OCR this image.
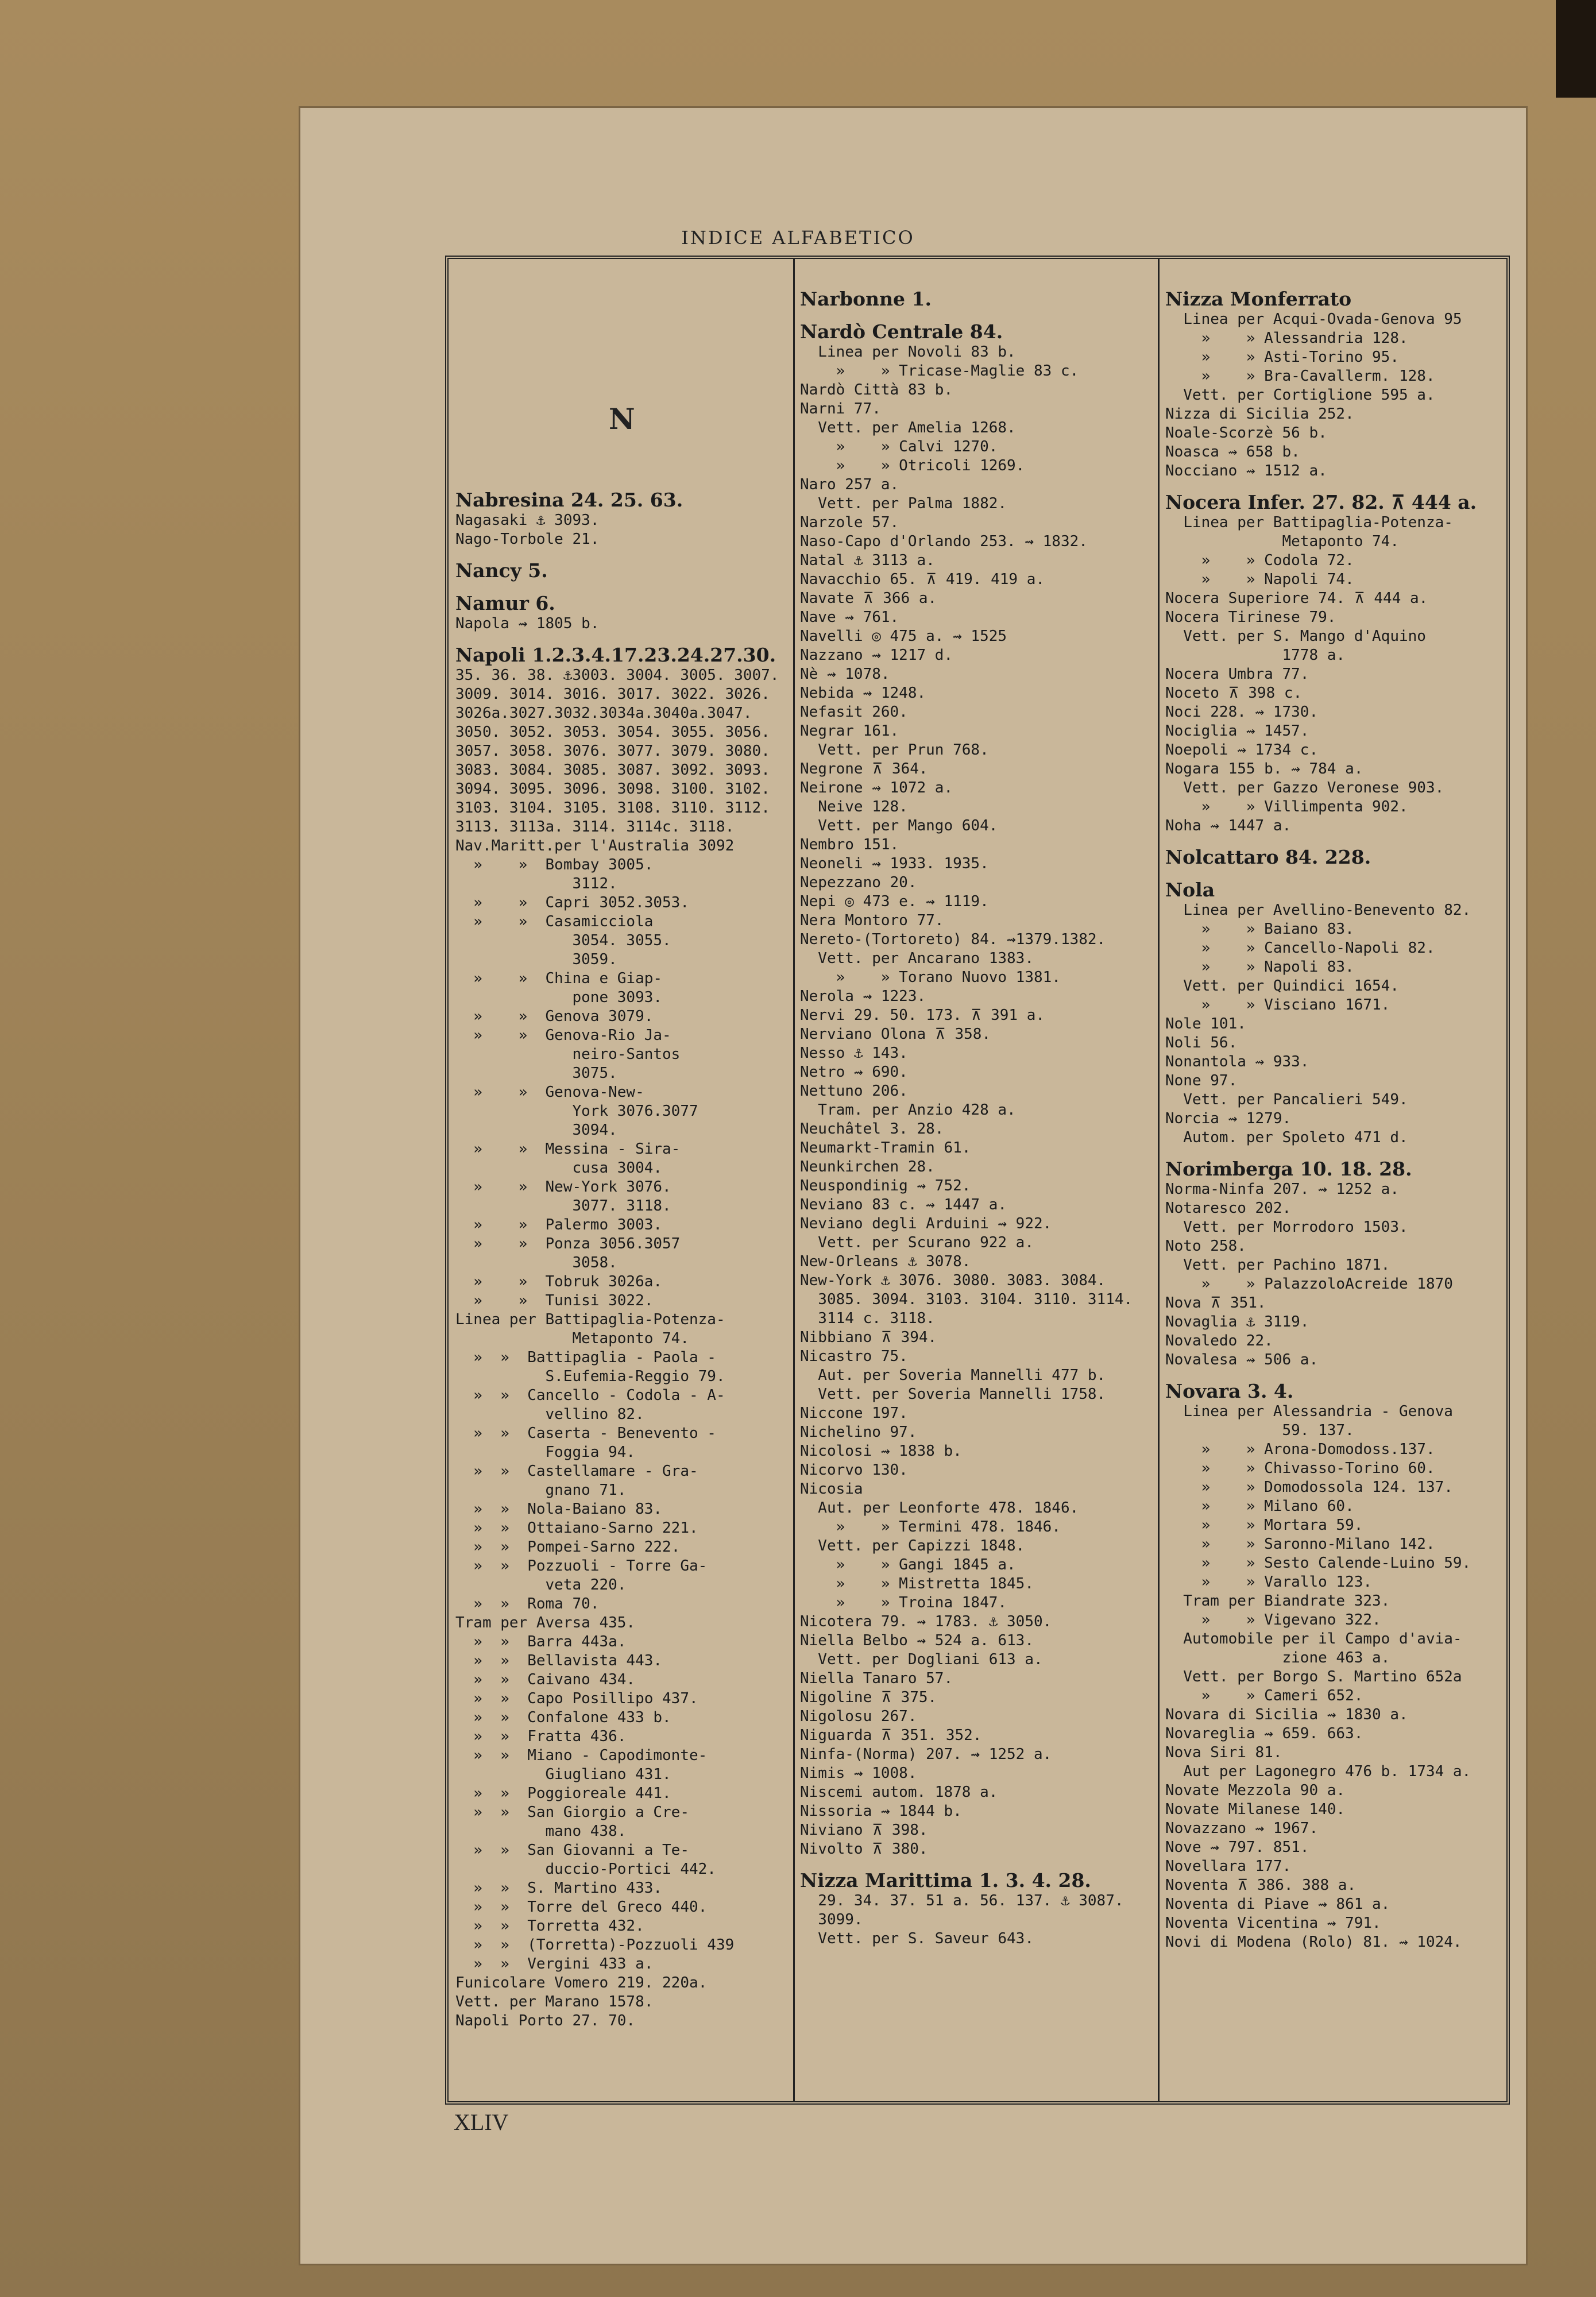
INDICE ALFABETICO
Nabresina 24. 25. 63.
Nagasaki ⚓ 3093.
Nago-Torbole 21.
Nancy 5.
Namur 6.
Napola ⇝ 1805 b.
Napoli 1.2.3.4.17.23.24.27.30.
35. 36. 38. ⚓3003. 3004. 3005. 3007.
3009. 3014. 3016. 3017. 3022. 3026.
3026a.3027.3032.3034a.3040a.3047.
3050. 3052. 3053. 3054. 3055. 3056.
3057. 3058. 3076. 3077. 3079. 3080.
3083. 3084. 3085. 3087. 3092. 3093.
3094. 3095. 3096. 3098. 3100. 3102.
3103. 3104. 3105. 3108. 3110. 3112.
3113. 3113a. 3114. 3114c. 3118.
Nav.Maritt.per l'Australia 3092
»    »  Bombay 3005.
3112.
»    »  Capri 3052.3053.
»    »  Casamicciola
3054. 3055.
3059.
»    »  China e Giap-
pone 3093.
»    »  Genova 3079.
»    »  Genova-Rio Ja-
neiro-Santos
3075.
»    »  Genova-New-
York 3076.3077
3094.
»    »  Messina - Sira-
cusa 3004.
»    »  New-York 3076.
3077. 3118.
»    »  Palermo 3003.
»    »  Ponza 3056.3057
3058.
»    »  Tobruk 3026a.
»    »  Tunisi 3022.
Linea per Battipaglia-Potenza-
Metaponto 74.
»  »  Battipaglia - Paola -
S.Eufemia-Reggio 79.
»  »  Cancello - Codola - A-
vellino 82.
»  »  Caserta - Benevento -
Foggia 94.
»  »  Castellamare - Gra-
gnano 71.
»  »  Nola-Baiano 83.
»  »  Ottaiano-Sarno 221.
»  »  Pompei-Sarno 222.
»  »  Pozzuoli - Torre Ga-
veta 220.
»  »  Roma 70.
Tram per Aversa 435.
»  »  Barra 443a.
»  »  Bellavista 443.
»  »  Caivano 434.
»  »  Capo Posillipo 437.
»  »  Confalone 433 b.
»  »  Fratta 436.
»  »  Miano - Capodimonte-
Giugliano 431.
»  »  Poggioreale 441.
»  »  San Giorgio a Cre-
mano 438.
»  »  San Giovanni a Te-
duccio-Portici 442.
»  »  S. Martino 433.
»  »  Torre del Greco 440.
»  »  Torretta 432.
»  »  (Torretta)-Pozzuoli 439
»  »  Vergini 433 a.
Funicolare Vomero 219. 220a.
Vett. per Marano 1578.
Napoli Porto 27. 70.
Narbonne 1.
Nardò Centrale 84.
Linea per Novoli 83 b.
»    » Tricase-Maglie 83 c.
Nardò Città 83 b.
Narni 77.
Vett. per Amelia 1268.
»    » Calvi 1270.
»    » Otricoli 1269.
Naro 257 a.
Vett. per Palma 1882.
Narzole 57.
Naso-Capo d'Orlando 253. ⇝ 1832.
Natal ⚓ 3113 a.
Navacchio 65. ⊼ 419. 419 a.
Navate ⊼ 366 a.
Nave ⇝ 761.
Navelli ◎ 475 a. ⇝ 1525
Nazzano ⇝ 1217 d.
Nè ⇝ 1078.
Nebida ⇝ 1248.
Nefasit 260.
Negrar 161.
Vett. per Prun 768.
Negrone ⊼ 364.
Neirone ⇝ 1072 a.
Neive 128.
Vett. per Mango 604.
Nembro 151.
Neoneli ⇝ 1933. 1935.
Nepezzano 20.
Nepi ◎ 473 e. ⇝ 1119.
Nera Montoro 77.
Nereto-(Tortoreto) 84. ⇝1379.1382.
Vett. per Ancarano 1383.
»    » Torano Nuovo 1381.
Nerola ⇝ 1223.
Nervi 29. 50. 173. ⊼ 391 a.
Nerviano Olona ⊼ 358.
Nesso ⚓ 143.
Netro ⇝ 690.
Nettuno 206.
Tram. per Anzio 428 a.
Neuchâtel 3. 28.
Neumarkt-Tramin 61.
Neunkirchen 28.
Neuspondinig ⇝ 752.
Neviano 83 c. ⇝ 1447 a.
Neviano degli Arduini ⇝ 922.
Vett. per Scurano 922 a.
New-Orleans ⚓ 3078.
New-York ⚓ 3076. 3080. 3083. 3084.
3085. 3094. 3103. 3104. 3110. 3114.
3114 c. 3118.
Nibbiano ⊼ 394.
Nicastro 75.
Aut. per Soveria Mannelli 477 b.
Vett. per Soveria Mannelli 1758.
Niccone 197.
Nichelino 97.
Nicolosi ⇝ 1838 b.
Nicorvo 130.
Nicosia
Aut. per Leonforte 478. 1846.
»    » Termini 478. 1846.
Vett. per Capizzi 1848.
»    » Gangi 1845 a.
»    » Mistretta 1845.
»    » Troina 1847.
Nicotera 79. ⇝ 1783. ⚓ 3050.
Niella Belbo ⇝ 524 a. 613.
Vett. per Dogliani 613 a.
Niella Tanaro 57.
Nigoline ⊼ 375.
Nigolosu 267.
Niguarda ⊼ 351. 352.
Ninfa-(Norma) 207. ⇝ 1252 a.
Nimis ⇝ 1008.
Niscemi autom. 1878 a.
Nissoria ⇝ 1844 b.
Niviano ⊼ 398.
Nivolto ⊼ 380.
Nizza Marittima 1. 3. 4. 28.
29. 34. 37. 51 a. 56. 137. ⚓ 3087.
3099.
Vett. per S. Saveur 643.
Nizza Monferrato
Linea per Acqui-Ovada-Genova 95
»    » Alessandria 128.
»    » Asti-Torino 95.
»    » Bra-Cavallerm. 128.
Vett. per Cortiglione 595 a.
Nizza di Sicilia 252.
Noale-Scorzè 56 b.
Noasca ⇝ 658 b.
Nocciano ⇝ 1512 a.
Nocera Infer. 27. 82. ⊼ 444 a.
Linea per Battipaglia-Potenza-
Metaponto 74.
»    » Codola 72.
»    » Napoli 74.
Nocera Superiore 74. ⊼ 444 a.
Nocera Tirinese 79.
Vett. per S. Mango d'Aquino
1778 a.
Nocera Umbra 77.
Noceto ⊼ 398 c.
Noci 228. ⇝ 1730.
Nociglia ⇝ 1457.
Noepoli ⇝ 1734 c.
Nogara 155 b. ⇝ 784 a.
Vett. per Gazzo Veronese 903.
»    » Villimpenta 902.
Noha ⇝ 1447 a.
Nolcattaro 84. 228.
Nola
Linea per Avellino-Benevento 82.
»    » Baiano 83.
»    » Cancello-Napoli 82.
»    » Napoli 83.
Vett. per Quindici 1654.
»    » Visciano 1671.
Nole 101.
Noli 56.
Nonantola ⇝ 933.
None 97.
Vett. per Pancalieri 549.
Norcia ⇝ 1279.
Autom. per Spoleto 471 d.
Norimberga 10. 18. 28.
Norma-Ninfa 207. ⇝ 1252 a.
Notaresco 202.
Vett. per Morrodoro 1503.
Noto 258.
Vett. per Pachino 1871.
»    » PalazzoloAcreide 1870
Nova ⊼ 351.
Novaglia ⚓ 3119.
Novaledo 22.
Novalesa ⇝ 506 a.
Novara 3. 4.
Linea per Alessandria - Genova
59. 137.
»    » Arona-Domodoss.137.
»    » Chivasso-Torino 60.
»    » Domodossola 124. 137.
»    » Milano 60.
»    » Mortara 59.
»    » Saronno-Milano 142.
»    » Sesto Calende-Luino 59.
»    » Varallo 123.
Tram per Biandrate 323.
»    » Vigevano 322.
Automobile per il Campo d'avia-
zione 463 a.
Vett. per Borgo S. Martino 652a
»    » Cameri 652.
Novara di Sicilia ⇝ 1830 a.
Novareglia ⇝ 659. 663.
Nova Siri 81.
Aut per Lagonegro 476 b. 1734 a.
Novate Mezzola 90 a.
Novate Milanese 140.
Novazzano ⇝ 1967.
Nove ⇝ 797. 851.
Novellara 177.
Noventa ⊼ 386. 388 a.
Noventa di Piave ⇝ 861 a.
Noventa Vicentina ⇝ 791.
Novi di Modena (Rolo) 81. ⇝ 1024.
N
XLIV
